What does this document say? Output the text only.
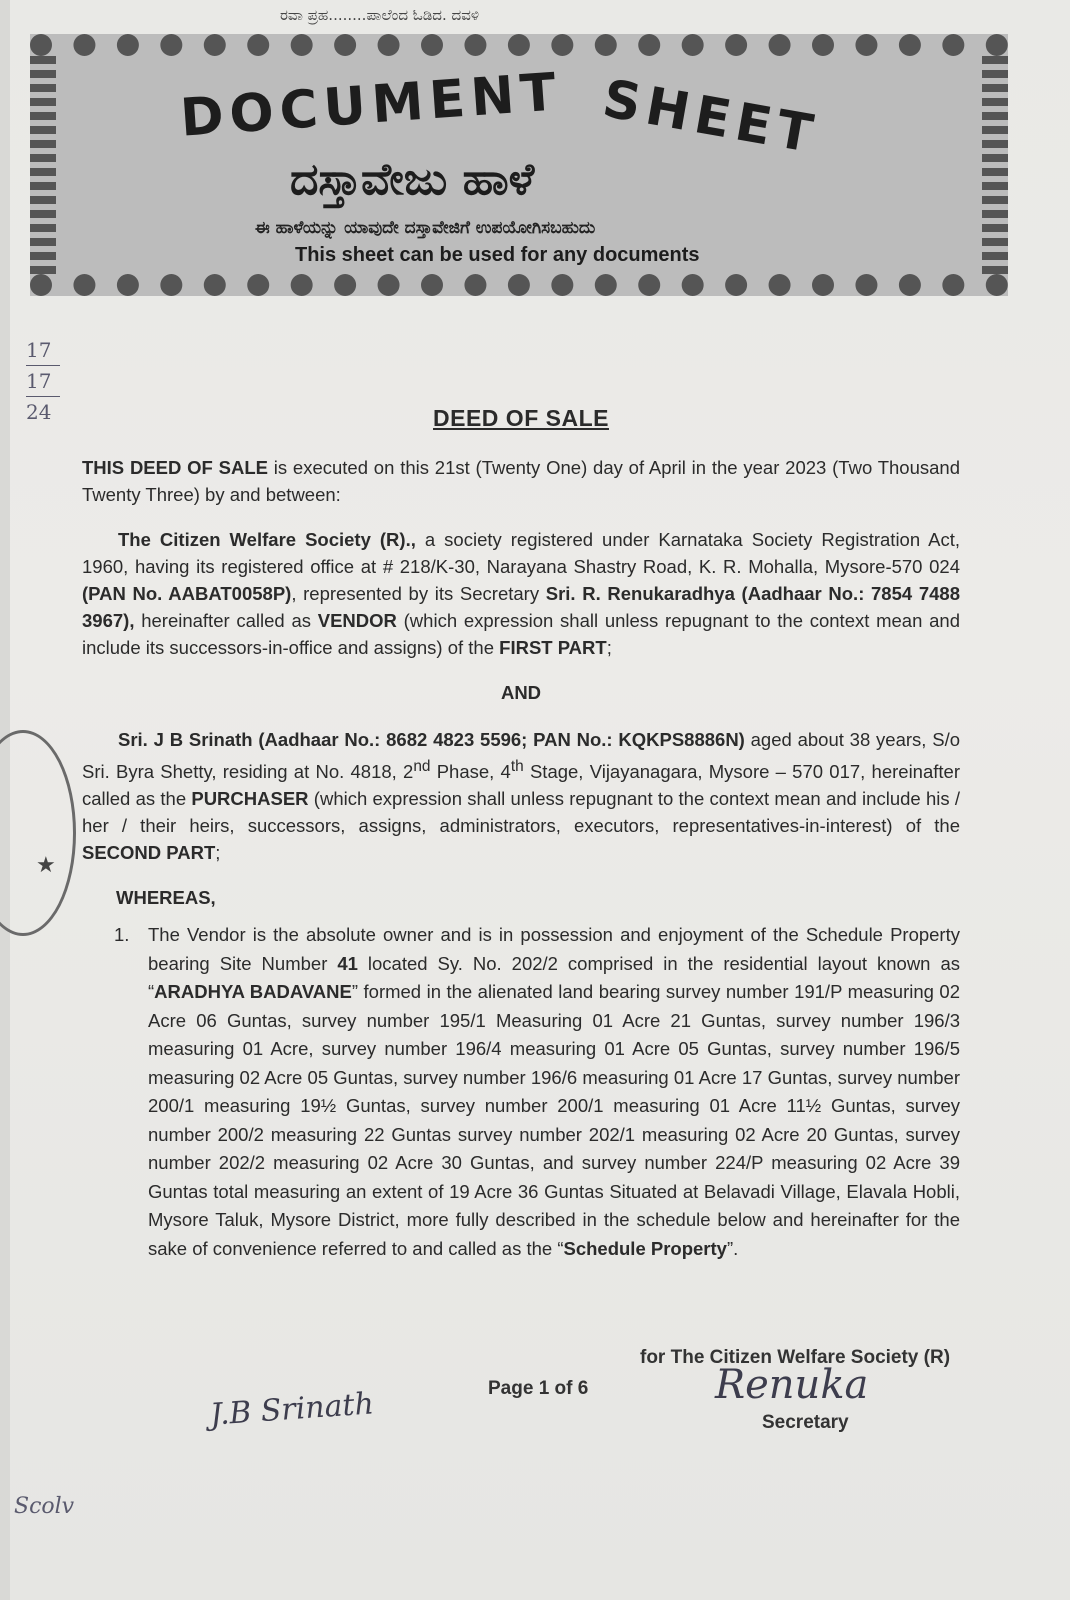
ರವಾ ಪ್ರಹ........ಪಾಲೆಂದ ಓಡಿದ. ದವಳಿ
DOCUMENT SHEET
ದಸ್ತಾವೇಜು ಹಾಳೆ
ಈ ಹಾಳೆಯನ್ನು ಯಾವುದೇ ದಸ್ತಾವೇಜಿಗೆ ಉಪಯೋಗಿಸಬಹುದು
This sheet can be used for any documents
17
17
24
★
DEED OF SALE

THIS DEED OF SALE is executed on this 21st (Twenty One) day of April in the year 2023 (Two Thousand Twenty Three) by and between:

The Citizen Welfare Society (R)., a society registered under Karnataka Society Registration Act, 1960, having its registered office at # 218/K-30, Narayana Shastry Road, K. R. Mohalla, Mysore-570 024 (PAN No. AABAT0058P), represented by its Secretary Sri. R. Renukaradhya (Aadhaar No.: 7854 7488 3967), hereinafter called as VENDOR (which expression shall unless repugnant to the context mean and include its successors-in-office and assigns) of the FIRST PART;

AND

Sri. J B Srinath (Aadhaar No.: 8682 4823 5596; PAN No.: KQKPS8886N) aged about 38 years, S/o Sri. Byra Shetty, residing at No. 4818, 2nd Phase, 4th Stage, Vijayanagara, Mysore – 570 017, hereinafter called as the PURCHASER (which expression shall unless repugnant to the context mean and include his / her / their heirs, successors, assigns, administrators, executors, representatives-in-interest) of the SECOND PART;

WHEREAS,
1.	The Vendor is the absolute owner and is in possession and enjoyment of the Schedule Property bearing Site Number 41 located Sy. No. 202/2 comprised in the residential layout known as “ARADHYA BADAVANE” formed in the alienated land bearing survey number 191/P measuring 02 Acre 06 Guntas, survey number 195/1 Measuring 01 Acre 21 Guntas, survey number 196/3 measuring 01 Acre, survey number 196/4 measuring 01 Acre 05 Guntas, survey number 196/5 measuring 02 Acre 05 Guntas, survey number 196/6 measuring 01 Acre 17 Guntas, survey number 200/1 measuring 19½ Guntas, survey number 200/1 measuring 01 Acre 11½ Guntas, survey number 200/2 measuring 22 Guntas survey number 202/1 measuring 02 Acre 20 Guntas, survey number 202/2 measuring 02 Acre 30 Guntas, and survey number 224/P measuring 02 Acre 39 Guntas total measuring an extent of 19 Acre 36 Guntas Situated at Belavadi Village, Elavala Hobli, Mysore Taluk, Mysore District, more fully described in the schedule below and hereinafter for the sake of convenience referred to and called as the “Schedule Property”.
for The Citizen Welfare Society (R)
Page 1 of 6
J.B Srinath
Renuka
Secretary
Scolv
